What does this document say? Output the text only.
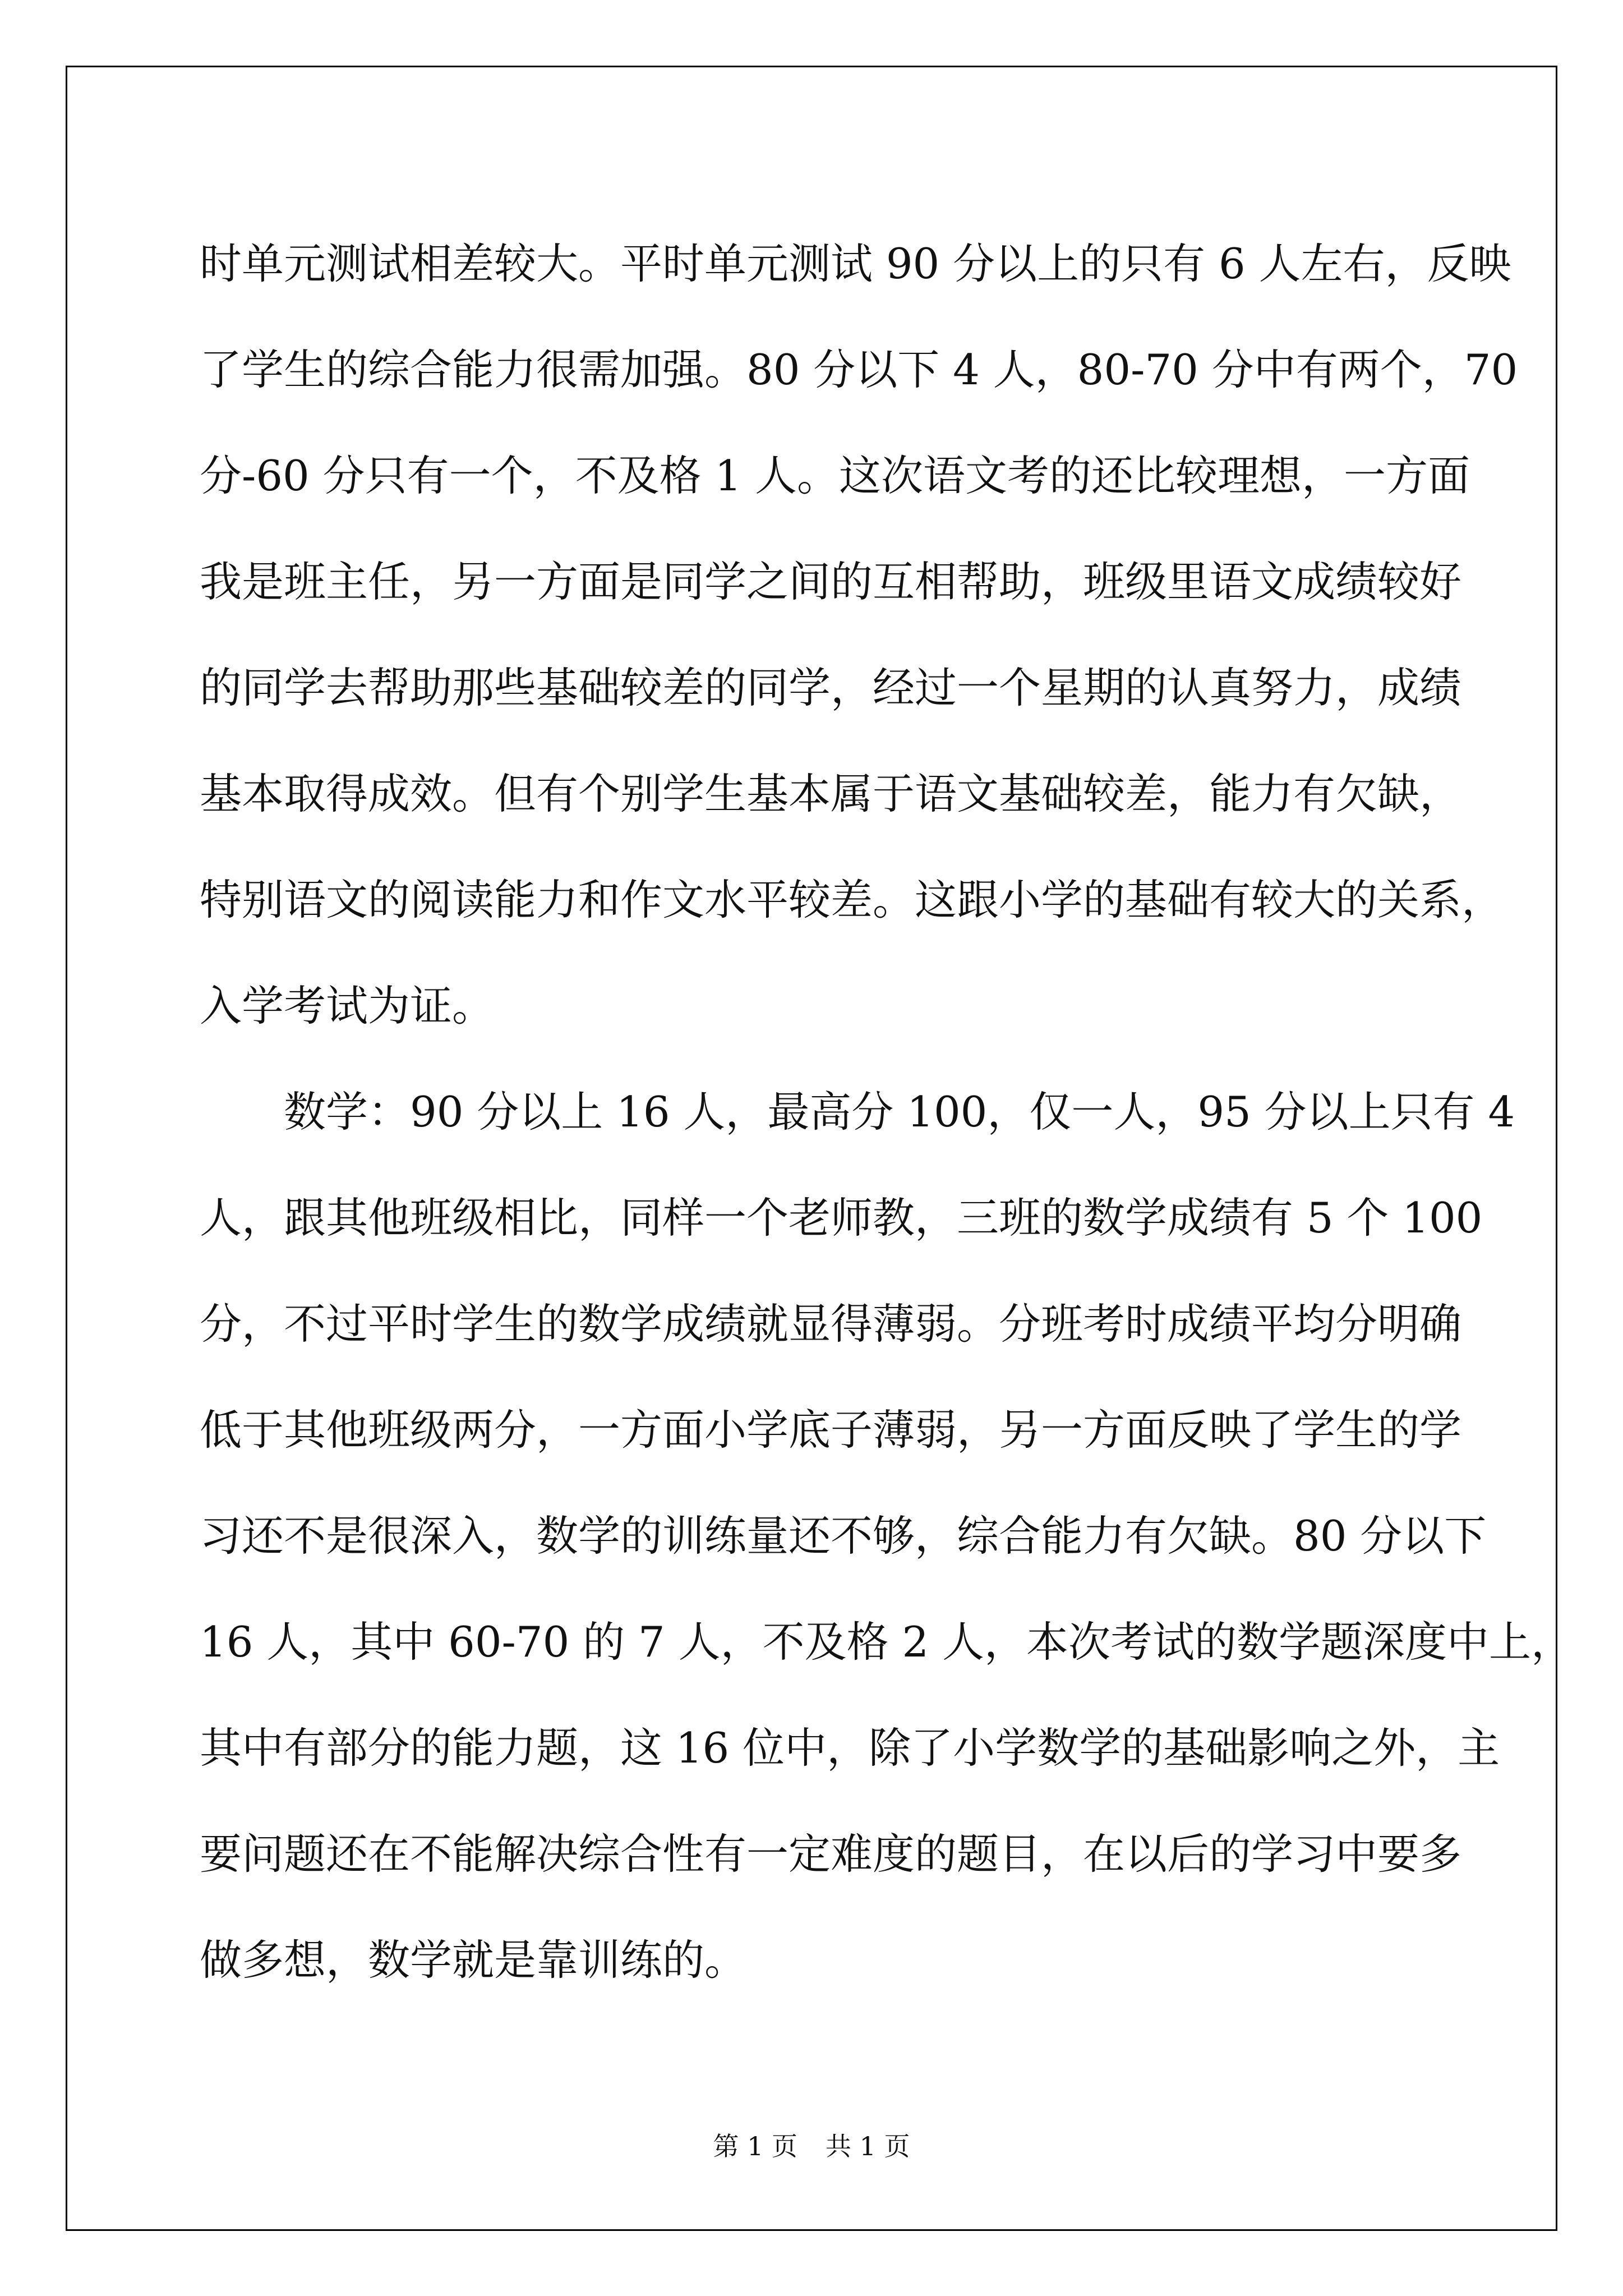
时单元测试相差较大。平时单元测试 90 分以上的只有 6 人左右，反映
了学生的综合能力很需加强。80 分以下 4 人，80-70 分中有两个，70
分-60 分只有一个，不及格 1 人。这次语文考的还比较理想，一方面
我是班主任，另一方面是同学之间的互相帮助，班级里语文成绩较好
的同学去帮助那些基础较差的同学，经过一个星期的认真努力，成绩
基本取得成效。但有个别学生基本属于语文基础较差，能力有欠缺，
特别语文的阅读能力和作文水平较差。这跟小学的基础有较大的关系，
入学考试为证。
　　数学：90 分以上 16 人，最高分 100，仅一人，95 分以上只有 4
人，跟其他班级相比，同样一个老师教，三班的数学成绩有 5 个 100
分，不过平时学生的数学成绩就显得薄弱。分班考时成绩平均分明确
低于其他班级两分，一方面小学底子薄弱，另一方面反映了学生的学
习还不是很深入，数学的训练量还不够，综合能力有欠缺。80 分以下
16 人，其中 60-70 的 7 人，不及格 2 人，本次考试的数学题深度中上，
其中有部分的能力题，这 16 位中，除了小学数学的基础影响之外，主
要问题还在不能解决综合性有一定难度的题目，在以后的学习中要多
做多想，数学就是靠训练的。
第 1 页 共 1 页
